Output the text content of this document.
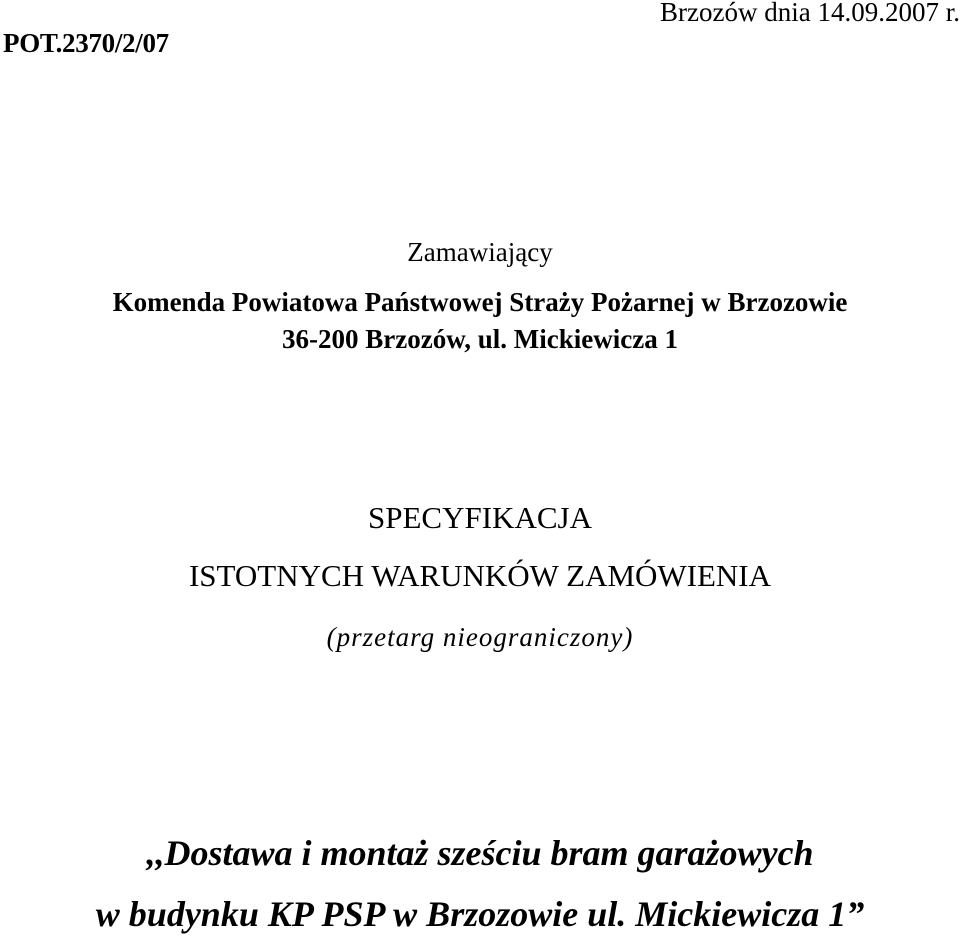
POT.2370/2/07
Brzozów dnia 14.09.2007 r.
Zamawiający
Komenda Powiatowa Państwowej Straży Pożarnej w Brzozowie
36-200 Brzozów, ul. Mickiewicza 1
SPECYFIKACJA
ISTOTNYCH WARUNKÓW ZAMÓWIENIA
(przetarg nieograniczony)
,,Dostawa i montaż sześciu bram garażowych
w budynku KP PSP w Brzozowie ul. Mickiewicza 1”
